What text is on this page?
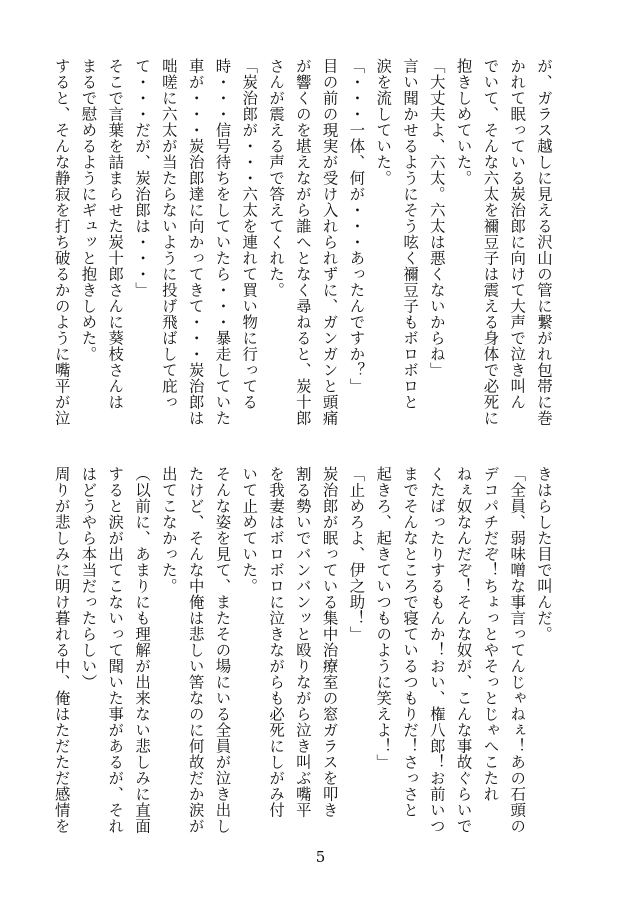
が、ガラス越しに見える沢山の管に繋がれ包帯に巻
かれて眠っている炭治郎に向けて大声で泣き叫ん
でいて、そんな六太を禰豆子は震える身体で必死に
抱きしめていた。
「大丈夫よ、六太。六太は悪くないからね」
言い聞かせるようにそう呟く禰豆子もボロボロと
涙を流していた。
「・・・一体、何が・・・あったんですか？」
目の前の現実が受け入れられずに、ガンガンと頭痛
が響くのを堪えながら誰へとなく尋ねると、炭十郎
さんが震える声で答えてくれた。
「炭治郎が・・・六太を連れて買い物に行ってる
時・・・信号待ちをしていたら・・・暴走していた
車が・・・炭治郎達に向かってきて・・・炭治郎は
咄嗟に六太が当たらないように投げ飛ばして庇っ
て・・・だが、炭治郎は・・・」
そこで言葉を詰まらせた炭十郎さんに葵枝さんは
まるで慰めるようにギュッと抱きしめた。
すると、そんな静寂を打ち破るかのように嘴平が泣
きはらした目で叫んだ。
「全員、弱味噌な事言ってんじゃねぇ！あの石頭の
デコパチだぞ！ちょっとやそっとじゃへこたれ
ねぇ奴なんだぞ！そんな奴が、こんな事故ぐらいで
くたばったりするもんか！おい、権八郎！お前いつ
までそんなところで寝ているつもりだ！さっさと
起きろ、起きていつものように笑えよ！」
「止めろよ、伊之助！」
炭治郎が眠っている集中治療室の窓ガラスを叩き
割る勢いでバンバンッと殴りながら泣き叫ぶ嘴平
を我妻はボロボロに泣きながらも必死にしがみ付
いて止めていた。
そんな姿を見て、またその場にいる全員が泣き出し
たけど、そんな中俺は悲しい筈なのに何故だか涙が
出てこなかった。
（以前に、あまりにも理解が出来ない悲しみに直面
すると涙が出てこないって聞いた事があるが、それ
はどうやら本当だったらしい）
周りが悲しみに明け暮れる中、俺はただただ感情を
5
